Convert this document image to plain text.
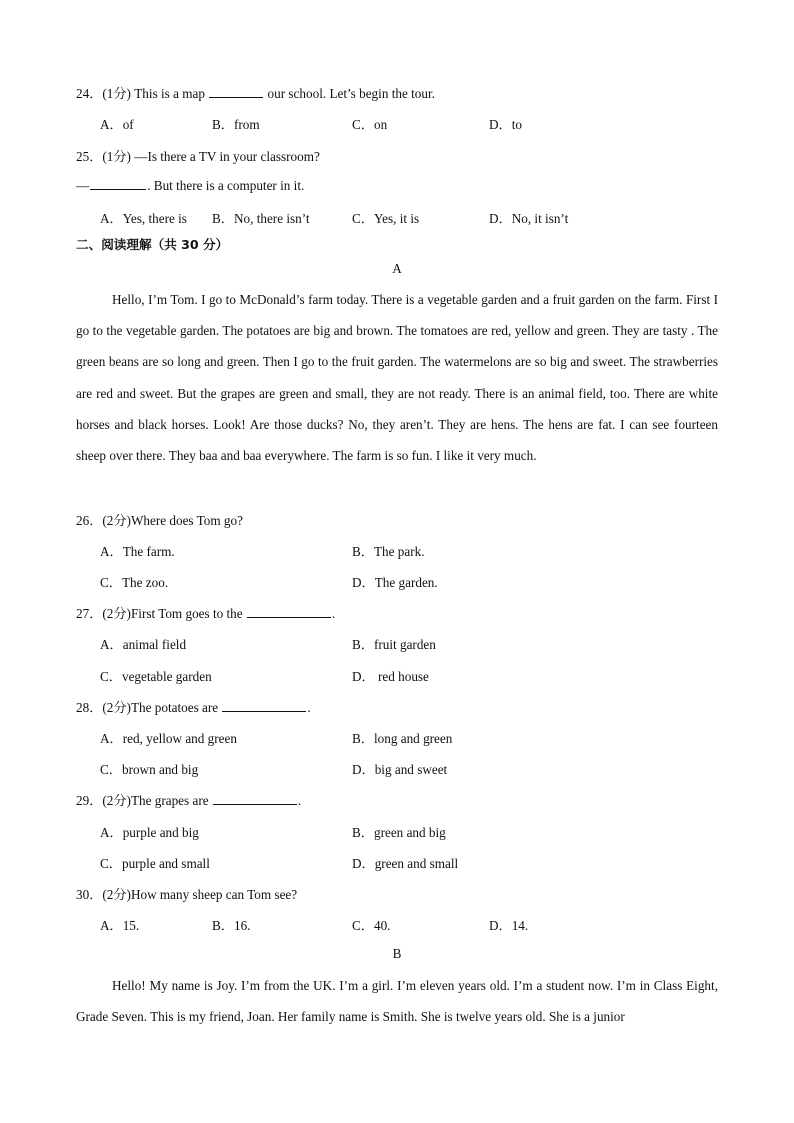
24．(1分) This is a map	our school. Let’s begin the tour.
A．of	B．from	C．on	D．to
25．(1分) —Is there a TV in your classroom?
—	. But there is a computer in it.
A．Yes, there is B．No, there isn’t	C．Yes, it is	D．No, it isn’t
二、阅读理解（共 30 分）
A
Hello, I’m Tom. I go to McDonald’s farm today. There is a vegetable garden and a fruit garden on the farm. First I go to the vegetable garden. The potatoes are big and brown. The tomatoes are red, yellow and green. They are tasty . The green beans are so long and green. Then I go to the fruit garden. The watermelons are so big and sweet. The strawberries are red and sweet. But the grapes are green and small, they are not ready. There is an animal field, too. There are white horses and black horses. Look! Are those ducks? No, they aren’t. They are hens. The hens are fat. I can see fourteen sheep over there. They baa and baa everywhere. The farm is so fun. I like it very much.
26．(2分)Where does Tom go?
A．The farm.	B．The park.
C．The zoo.	D．The garden.
27．(2分)First Tom goes to the	.
A．animal field	B．fruit garden
C．vegetable garden	D． red house
28．(2分)The potatoes are	.
A．red, yellow and green	B．long and green
C．brown and big	D．big and sweet
29．(2分)The grapes are	.
A．purple and big	B．green and big
C．purple and small	D．green and small
30．(2分)How many sheep can Tom see?
A．15.	B．16.	C．40.	D．14.
B
Hello! My name is Joy. I’m from the UK. I’m a girl. I’m eleven years old. I’m a student now. I’m in Class Eight, Grade Seven. This is my friend, Joan. Her family name is Smith. She is twelve years old. She is a junior
